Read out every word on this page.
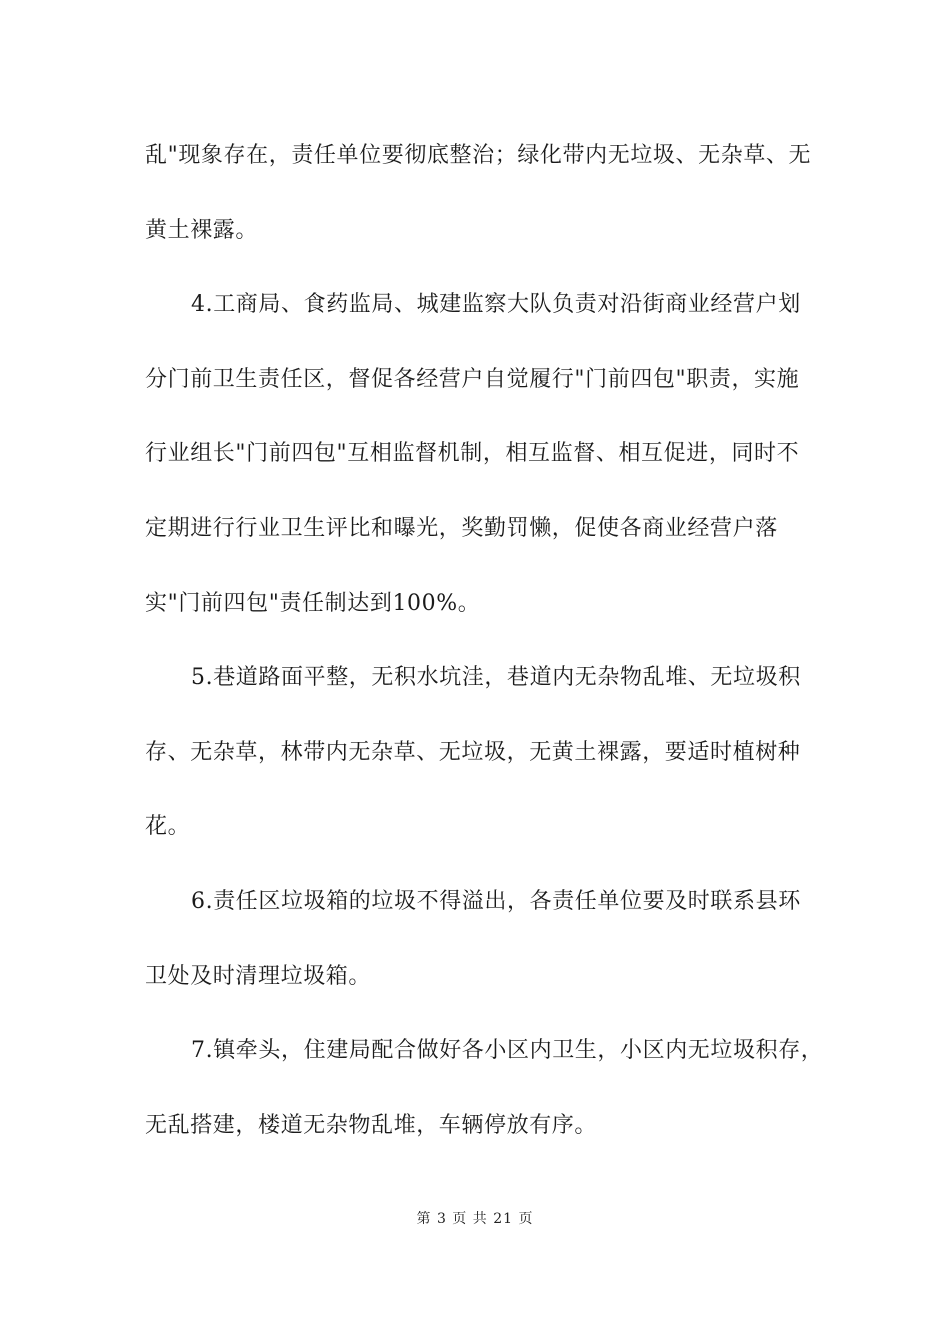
乱"现象存在，责任单位要彻底整治；绿化带内无垃圾、无杂草、无
黄土裸露。
4.工商局、食药监局、城建监察大队负责对沿街商业经营户划
分门前卫生责任区，督促各经营户自觉履行"门前四包"职责，实施
行业组长"门前四包"互相监督机制，相互监督、相互促进，同时不
定期进行行业卫生评比和曝光，奖勤罚懒，促使各商业经营户落
实"门前四包"责任制达到100%。
5.巷道路面平整，无积水坑洼，巷道内无杂物乱堆、无垃圾积
存、无杂草，林带内无杂草、无垃圾，无黄土裸露，要适时植树种
花。
6.责任区垃圾箱的垃圾不得溢出，各责任单位要及时联系县环
卫处及时清理垃圾箱。
7.镇牵头，住建局配合做好各小区内卫生，小区内无垃圾积存，
无乱搭建，楼道无杂物乱堆，车辆停放有序。
第 3 页 共 21 页
